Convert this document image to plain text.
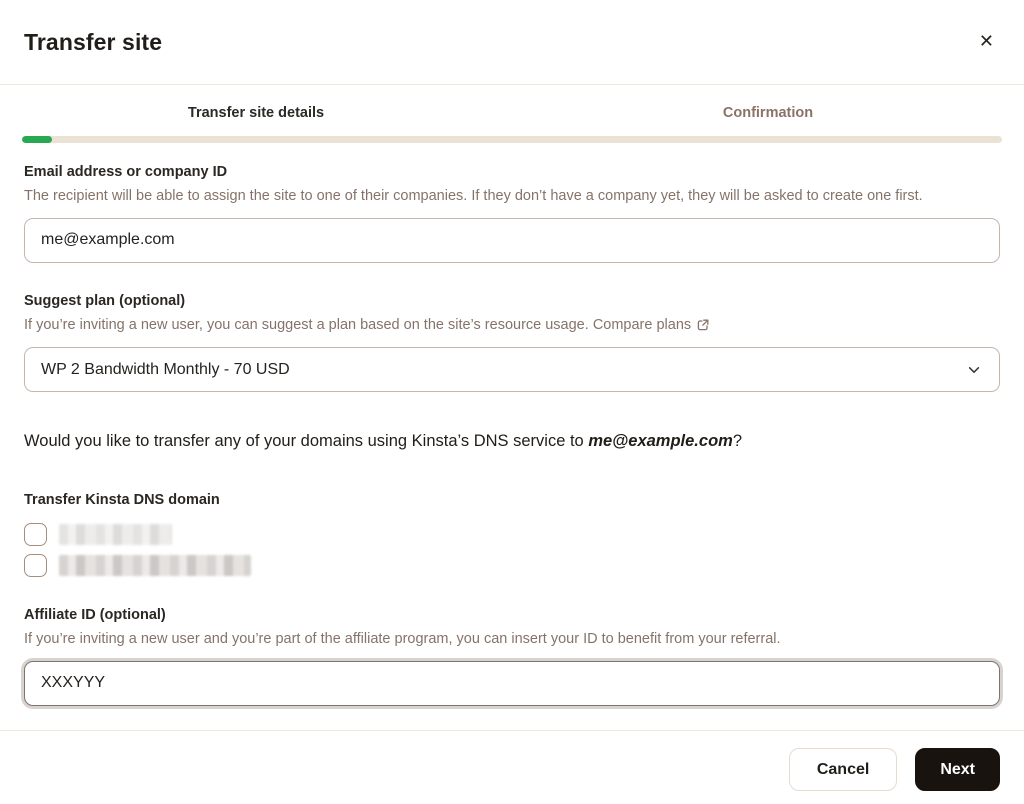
Transfer site	✕
Transfer site details	Confirmation
Email address or company ID
The recipient will be able to assign the site to one of their companies. If they don’t have a company yet, they will be asked to create one first.
me@example.com
Suggest plan (optional)
If you’re inviting a new user, you can suggest a plan based on the site’s resource usage. Compare plans
WP 2 Bandwidth Monthly - 70 USD
Would you like to transfer any of your domains using Kinsta’s DNS service to me@example.com?
Transfer Kinsta DNS domain
Affiliate ID (optional)
If you’re inviting a new user and you’re part of the affiliate program, you can insert your ID to benefit from your referral.
XXXYYY
Cancel	Next
